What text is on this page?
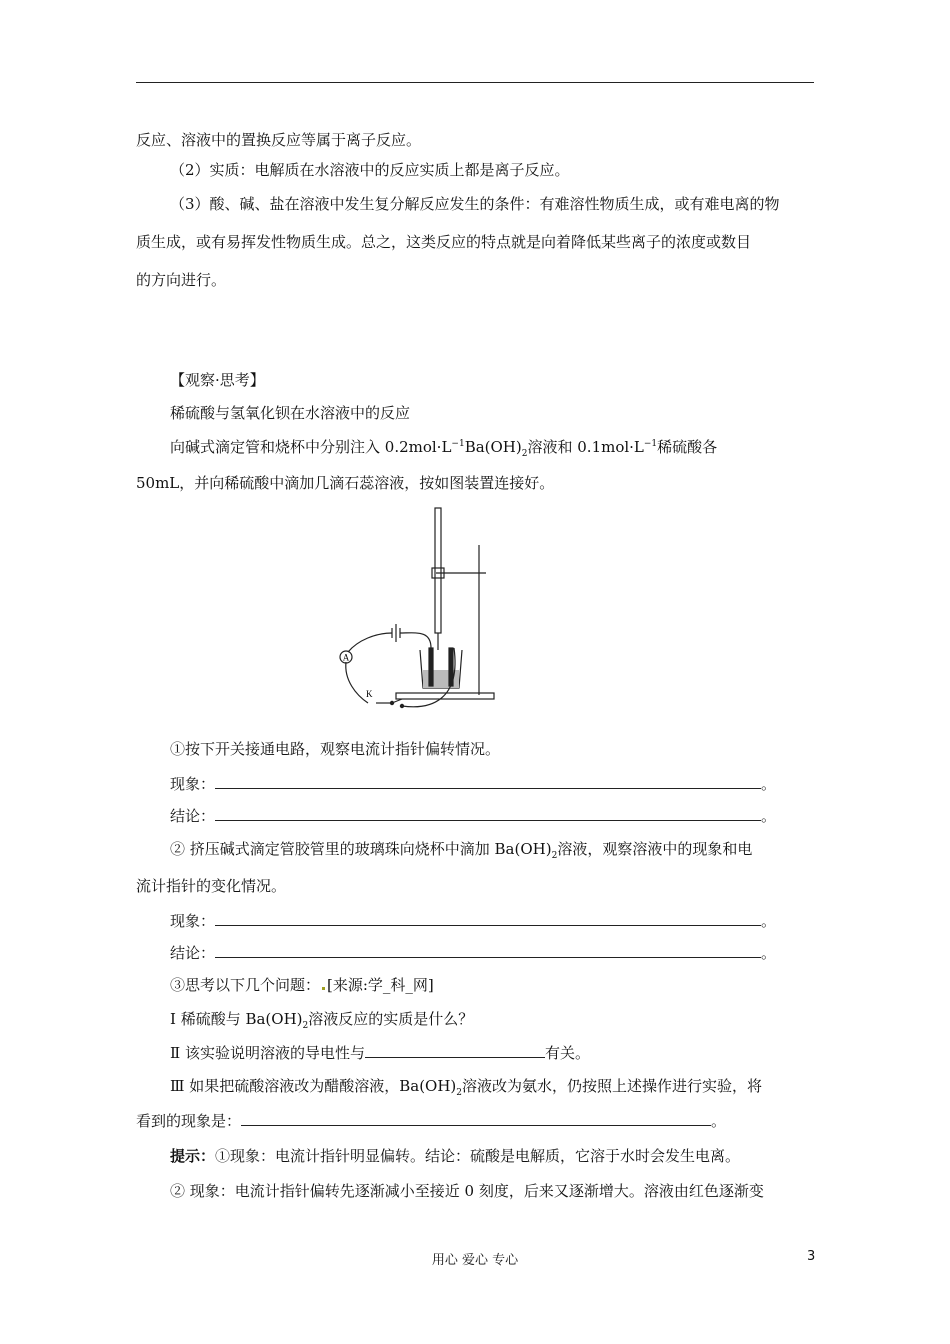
反应、溶液中的置换反应等属于离子反应。
（2）实质：电解质在水溶液中的反应实质上都是离子反应。
（3）酸、碱、盐在溶液中发生复分解反应发生的条件：有难溶性物质生成，或有难电离的物
质生成，或有易挥发性物质生成。总之，这类反应的特点就是向着降低某些离子的浓度或数目
的方向进行。
【观察·思考】
稀硫酸与氢氧化钡在水溶液中的反应
向碱式滴定管和烧杯中分别注入 $0.2mol\cdot L^{-1}Ba(OH)_2$溶液和 $0.1mol\cdot L^{-1}$稀硫酸各
50mL，并向稀硫酸中滴加几滴石蕊溶液，按如图装置连接好。
A
K
①按下开关接通电路，观察电流计指针偏转情况。
现象：	。
结论：	。
② 挤压碱式滴定管胶管里的玻璃珠向烧杯中滴加 $Ba(OH)_2$溶液，观察溶液中的现象和电
流计指针的变化情况。
现象：	。
结论：	。
③思考以下几个问题： [来源:学_科_网]
Ⅰ 稀硫酸与 $Ba(OH)_2$溶液反应的实质是什么？
Ⅱ 该实验说明溶液的导电性与	有关。
Ⅲ 如果把硫酸溶液改为醋酸溶液，$Ba(OH)_2$溶液改为氨水，仍按照上述操作进行实验，将
看到的现象是：	。
提示：①现象：电流计指针明显偏转。结论：硫酸是电解质，它溶于水时会发生电离。
② 现象：电流计指针偏转先逐渐减小至接近 0 刻度，后来又逐渐增大。溶液由红色逐渐变
用心 爱心 专心	3
